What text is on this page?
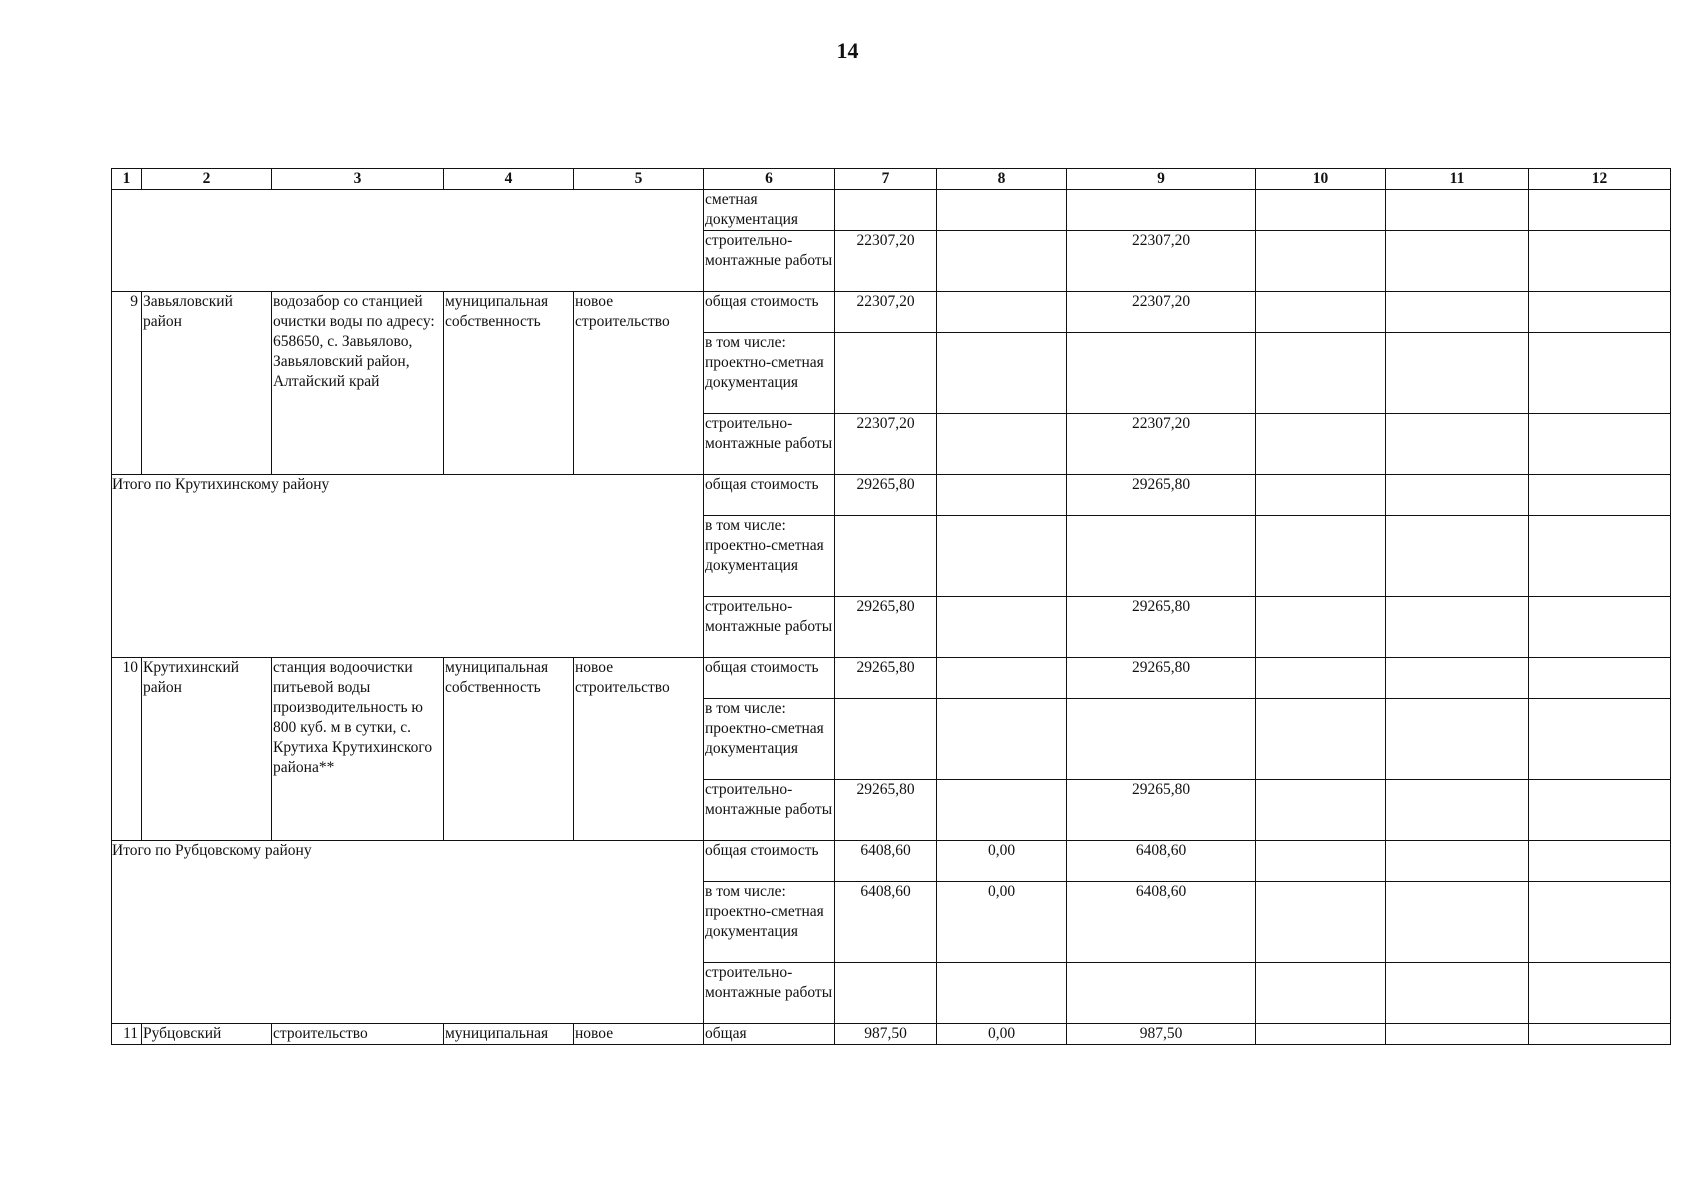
14
1	2	3	4	5	6	7	8	9	10	11	12
					сметная документация						
					строительно-монтажные работы	22307,20		22307,20			
9	Завьяловский район	водозабор со станцией очистки воды по адресу: 658650, с. Завьялово, Завьяловский район, Алтайский край	муниципальная собственность	новое строительство	общая стоимость	22307,20		22307,20			
					в том числе: проектно-сметная документация						
					строительно-монтажные работы	22307,20		22307,20			
Итого по Крутихинскому району					общая стоимость	29265,80		29265,80			
					в том числе: проектно-сметная документация						
					строительно-монтажные работы	29265,80		29265,80			
10	Крутихинский район	станция водоочистки питьевой воды производительность ю 800 куб. м в сутки, с. Крутиха Крутихинского района**	муниципальная собственность	новое строительство	общая стоимость	29265,80		29265,80			
					в том числе: проектно-сметная документация						
					строительно-монтажные работы	29265,80		29265,80			
Итого по Рубцовскому району					общая стоимость	6408,60	0,00	6408,60			
					в том числе: проектно-сметная документация	6408,60	0,00	6408,60			
					строительно-монтажные работы						
11	Рубцовский	строительство	муниципальная	новое	общая	987,50	0,00	987,50			
